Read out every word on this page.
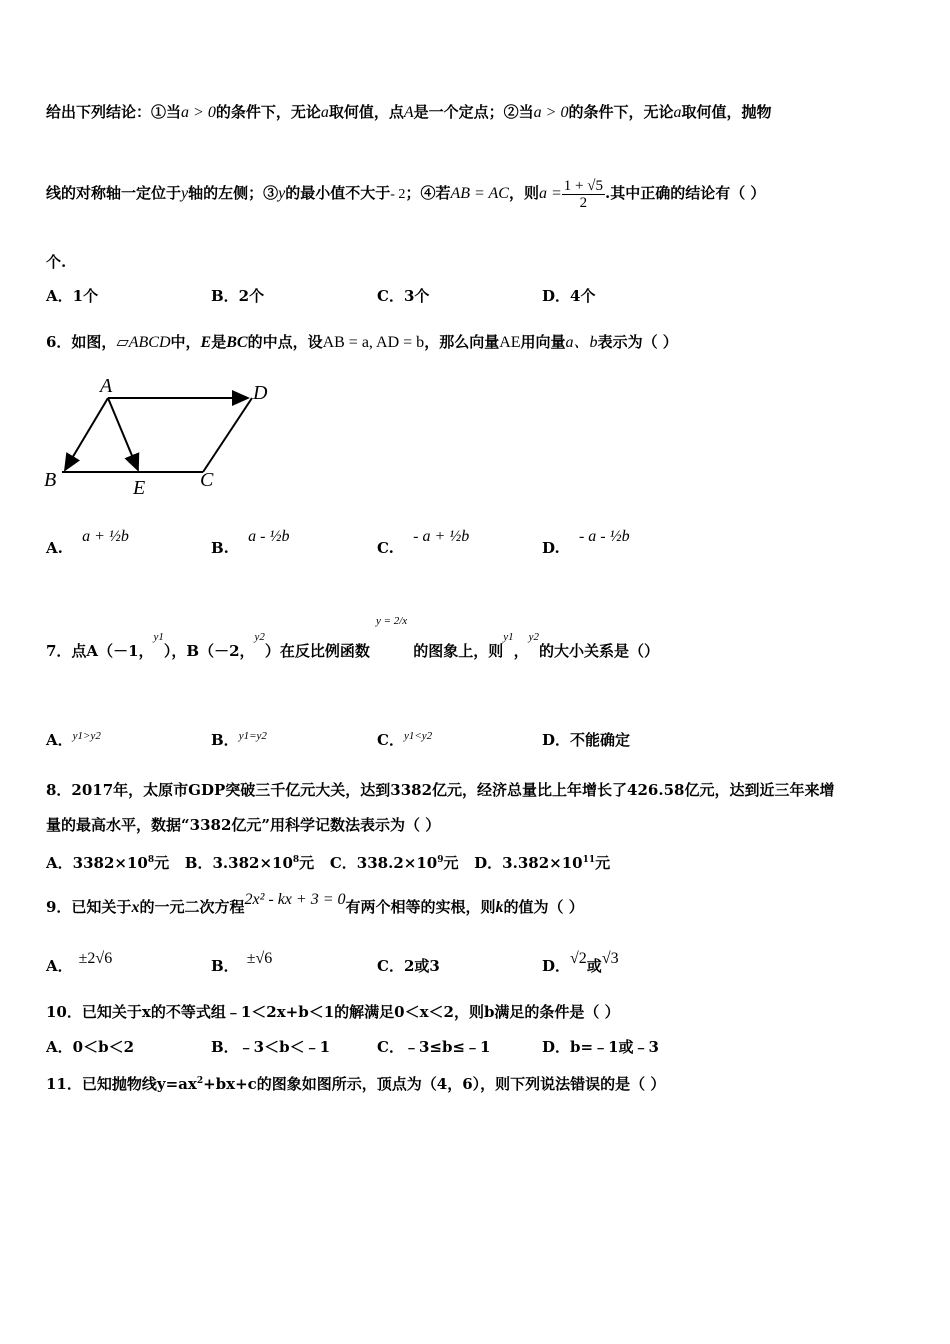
给出下列结论：①当a > 0的条件下，无论a取何值，点A是一个定点；②当a > 0的条件下，无论a取何值，抛物
线的对称轴一定位于y轴的左侧；③y的最小值不大于- 2；④若AB = AC，则$a = \frac{1 + √5}{2}$ .其中正确的结论有（ ）
个.
A．1个	B．2个	C．3个	D．4个
6．如图，▱ABCD中，E是BC的中点，设AB = a, AD = b，那么向量AE用向量a、b表示为（ ）
A	D
B	E	C
A. a + ½b
B. a - ½b
C. - a + ½b
D. - a - ½b
7．点A（－1，$^{y1}$），B（－2，$^{y2}$）在反比例函数$^{y = 2/x}$的图象上，则$^{y1}$，$^{y2}$的大小关系是（）
A．$^{y1>y2}$	B．$^{y1=y2}$	C．$^{y1<y2}$	D．不能确定
8．2017年，太原市GDP突破三千亿元大关，达到3382亿元，经济总量比上年增长了426.58亿元，达到近三年来增
量的最高水平，数据“3382亿元”用科学记数法表示为（ ）
A．$3382\times 10^8$元 B．$3.382\times 10^8$元 C．$338.2\times 10^9$元 D．$3.382\times 10^{11}$元
9．已知关于x的一元二次方程2x² - kx + 3 = 0有两个相等的实根，则k的值为（ ）
A． ±2√6	B． ±√6	C．2或3	D．√2或√3
10．已知关于x的不等式组﹣1＜2x+b＜1的解满足0＜x＜2，则b满足的条件是（ ）
A．0＜b＜2	B．﹣3＜b＜﹣1	C．﹣3≤b≤﹣1	D．b=﹣1或﹣3
11．已知抛物线$y=ax^2+bx+c$的图象如图所示，顶点为（4，6），则下列说法错误的是（ ）
